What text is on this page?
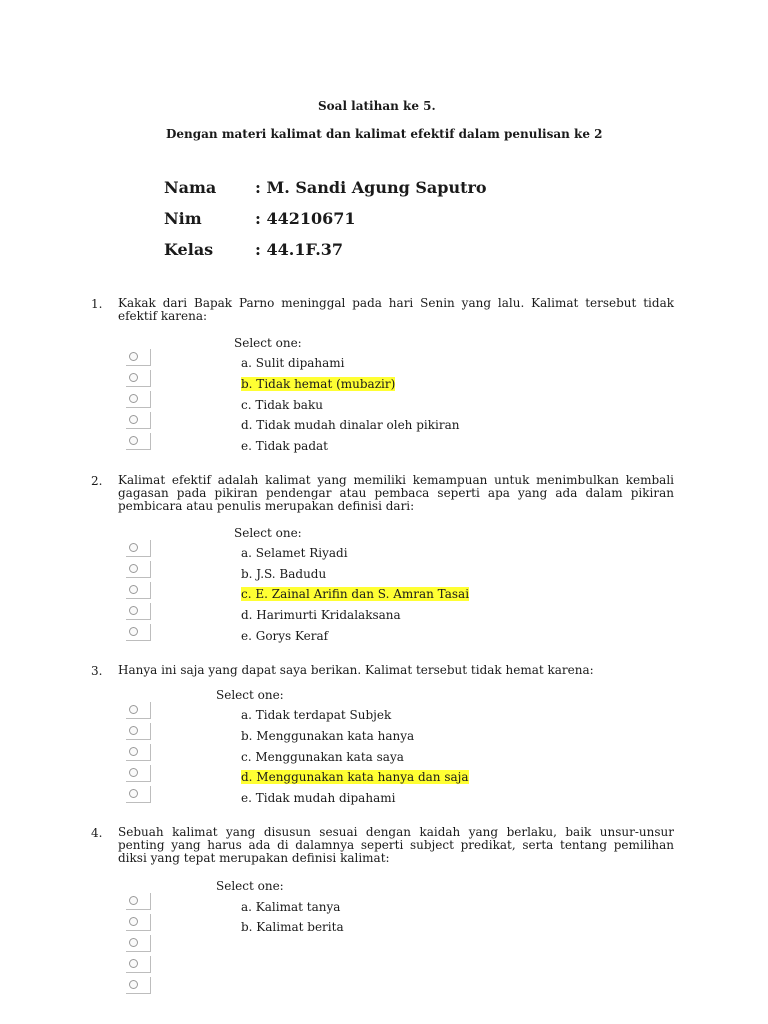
Soal latihan ke 5.
Dengan materi kalimat dan kalimat efektif dalam penulisan ke 2
Nama : M. Sandi Agung Saputro
Nim	: 44210671
Kelas	: 44.1F.37
1. Kakak dari Bapak Parno meninggal pada hari Senin yang lalu. Kalimat tersebut tidak efektif karena:
Select one:
a. Sulit dipahami
b. Tidak hemat (mubazir)
c. Tidak baku
d. Tidak mudah dinalar oleh pikiran
e. Tidak padat
2. Kalimat efektif adalah kalimat yang memiliki kemampuan untuk menimbulkan kembali gagasan pada pikiran pendengar atau pembaca seperti apa yang ada dalam pikiran pembicara atau penulis merupakan definisi dari:
Select one:
a. Selamet Riyadi
b. J.S. Badudu
c. E. Zainal Arifin dan S. Amran Tasai
d. Harimurti Kridalaksana
e. Gorys Keraf
3. Hanya ini saja yang dapat saya berikan. Kalimat tersebut tidak hemat karena:
Select one:
a. Tidak terdapat Subjek
b. Menggunakan kata hanya
c. Menggunakan kata saya
d. Menggunakan kata hanya dan saja
e. Tidak mudah dipahami
4. Sebuah kalimat yang disusun sesuai dengan kaidah yang berlaku, baik unsur-unsur penting yang harus ada di dalamnya seperti subject predikat, serta tentang pemilihan diksi yang tepat merupakan definisi kalimat:
Select one:
a. Kalimat tanya
b. Kalimat berita
